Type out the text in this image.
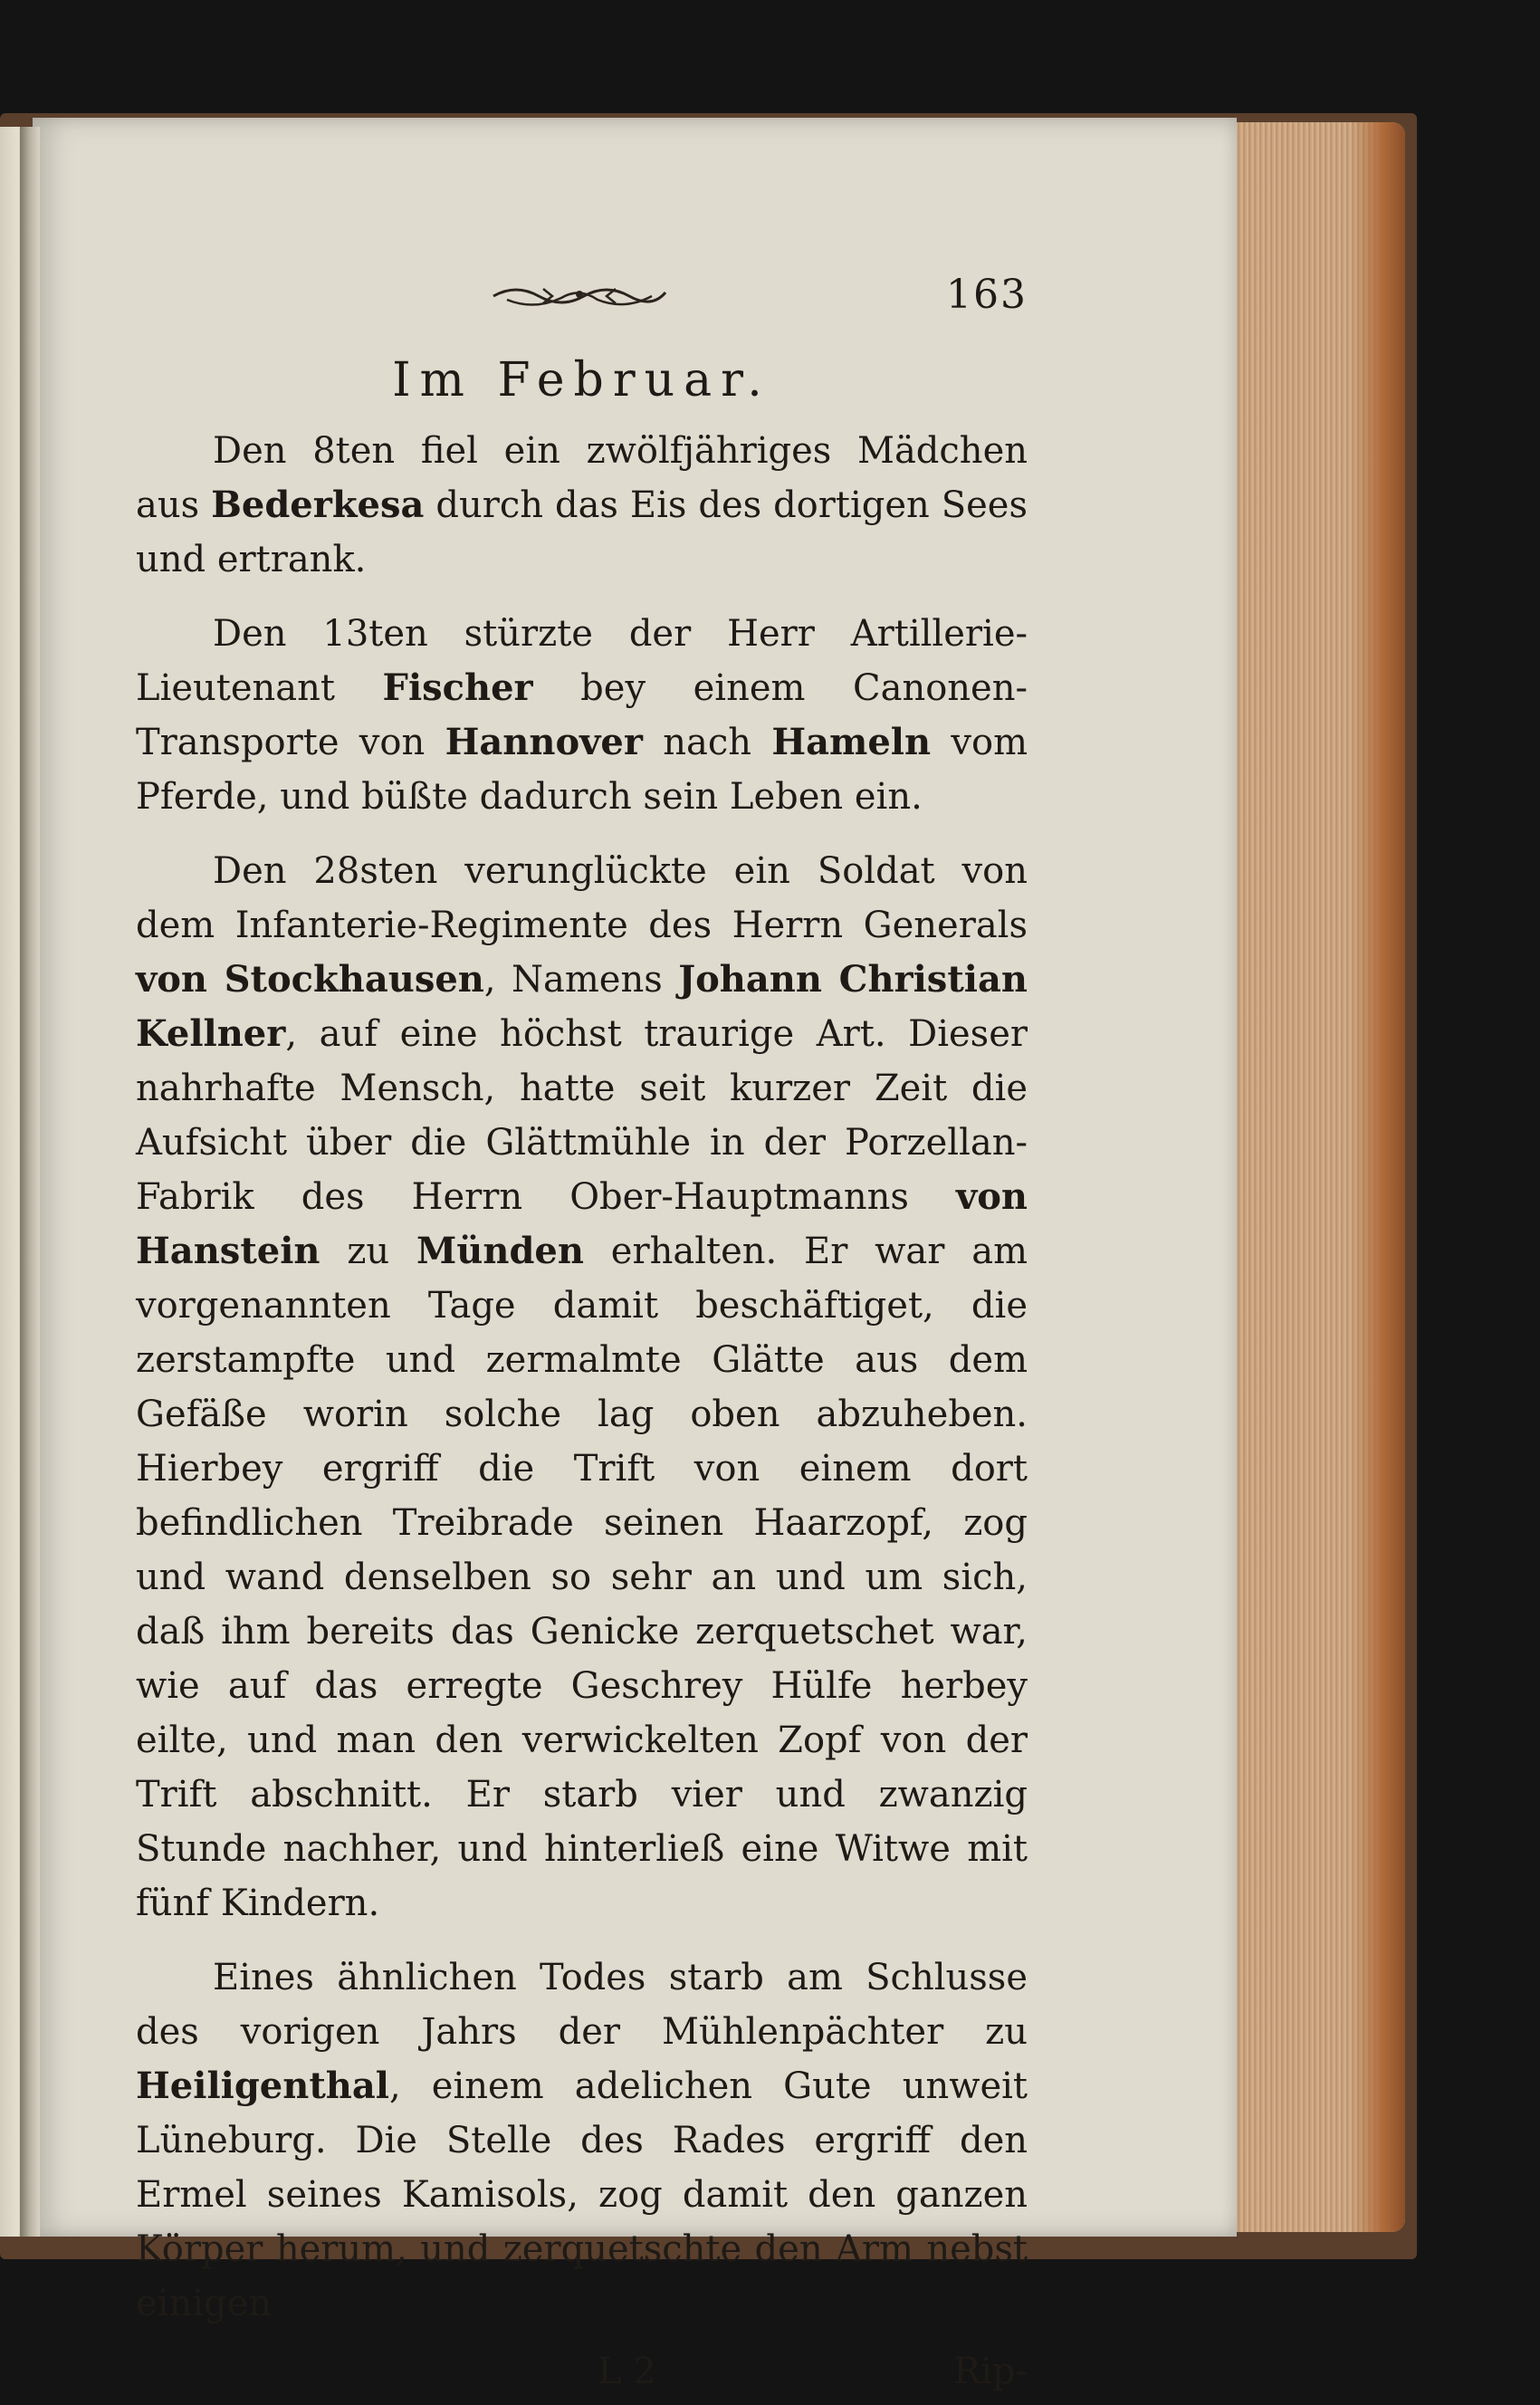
163
Im Februar.

Den 8ten fiel ein zwölfjähriges Mädchen aus Bederkesa durch das Eis des dortigen Sees und ertrank.

Den 13ten stürzte der Herr Artillerie-Lieutenant Fischer bey einem Canonen-Transporte von Hannover nach Hameln vom Pferde, und büßte dadurch sein Leben ein.

Den 28sten verunglückte ein Soldat von dem Infanterie-Regimente des Herrn Generals von Stockhausen, Namens Johann Christian Kellner, auf eine höchst traurige Art. Dieser nahrhafte Mensch, hatte seit kurzer Zeit die Aufsicht über die Glättmühle in der Porzellan-Fabrik des Herrn Ober-Hauptmanns von Hanstein zu Münden erhalten. Er war am vorgenannten Tage damit beschäftiget, die zerstampfte und zermalmte Glätte aus dem Gefäße worin solche lag oben abzuheben. Hierbey ergriff die Trift von einem dort befindlichen Treibrade seinen Haarzopf, zog und wand denselben so sehr an und um sich, daß ihm bereits das Genicke zerquetschet war, wie auf das erregte Geschrey Hülfe herbey eilte, und man den verwickelten Zopf von der Trift abschnitt. Er starb vier und zwanzig Stunde nachher, und hinterließ eine Witwe mit fünf Kindern.

Eines ähnlichen Todes starb am Schlusse des vorigen Jahrs der Mühlenpächter zu Heiligenthal, einem adelichen Gute unweit Lüneburg. Die Stelle des Rades ergriff den Ermel seines Kamisols, zog damit den ganzen Körper herum, und zerquetschte den Arm nebst einigen

L 2	Rip-
